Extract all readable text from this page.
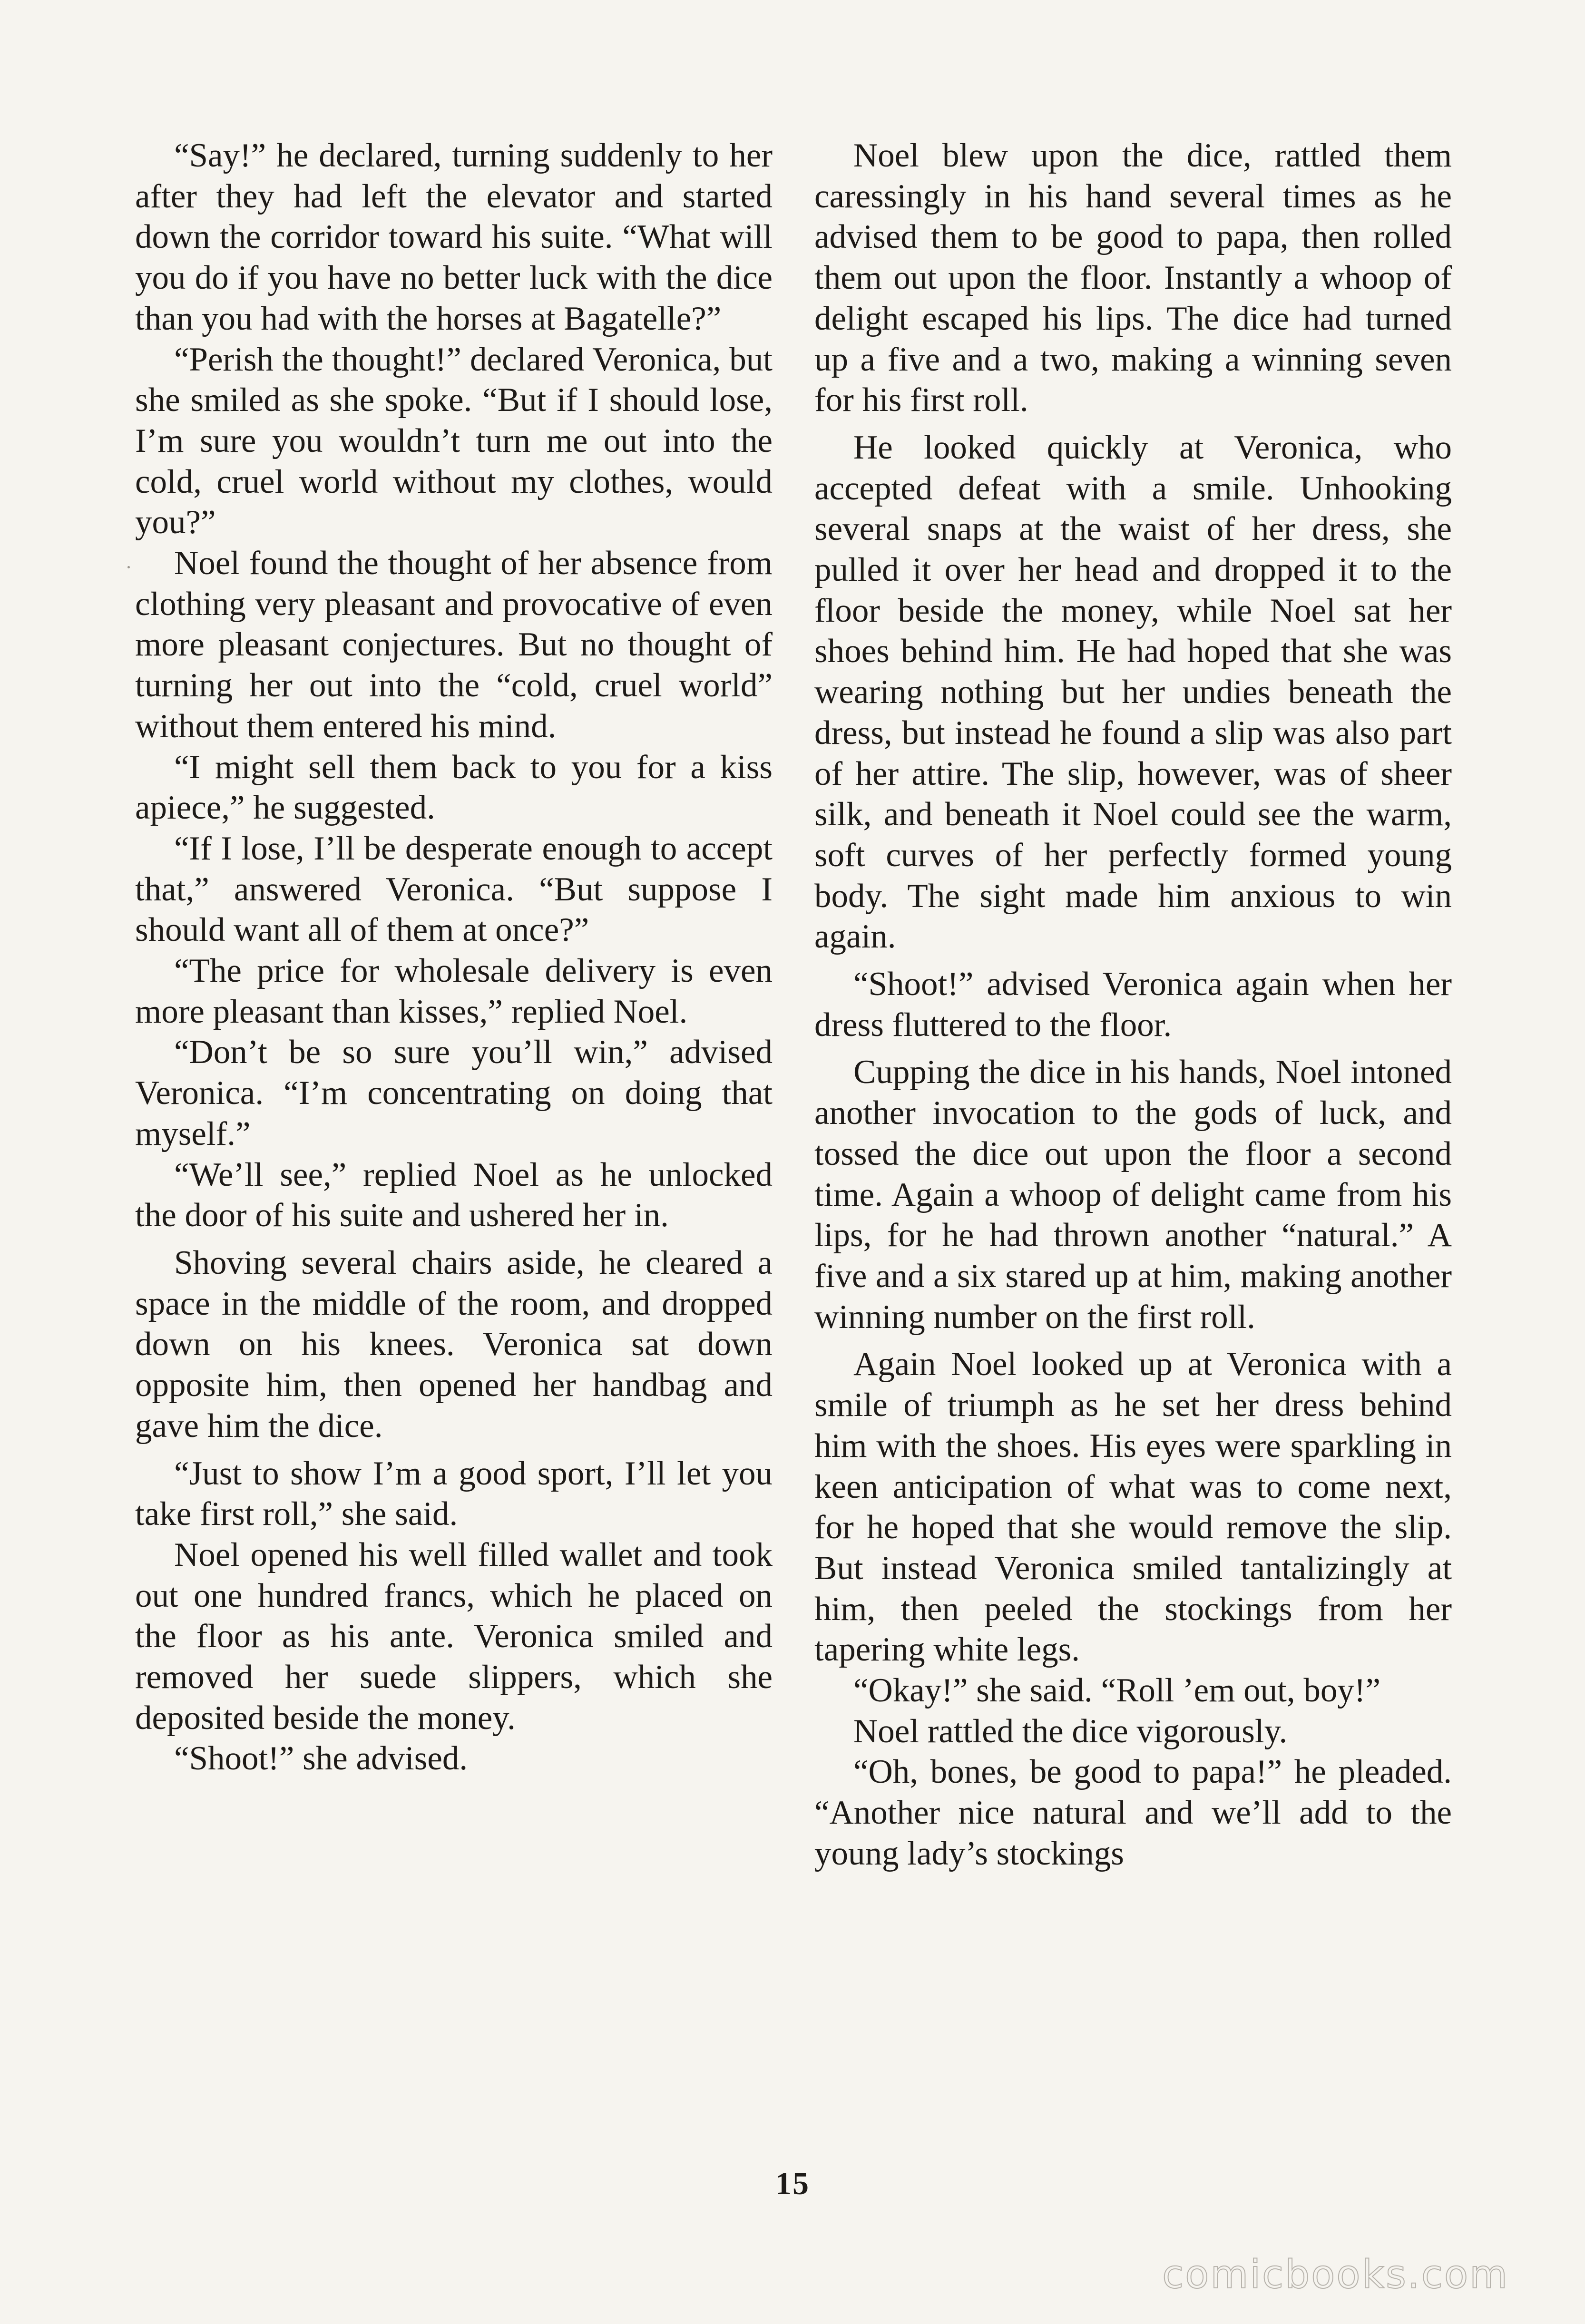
“Say!” he declared, turning suddenly to her after they had left the elevator and started down the corridor toward his suite. “What will you do if you have no better luck with the dice than you had with the horses at Bagatelle?”

“Perish the thought!” declared Veronica, but she smiled as she spoke. “But if I should lose, I’m sure you wouldn’t turn me out into the cold, cruel world without my clothes, would you?”

Noel found the thought of her absence from clothing very pleasant and provocative of even more pleasant conjectures. But no thought of turning her out into the “cold, cruel world” without them entered his mind.

“I might sell them back to you for a kiss apiece,” he suggested.

“If I lose, I’ll be desperate enough to accept that,” answered Veronica. “But suppose I should want all of them at once?”

“The price for wholesale delivery is even more pleasant than kisses,” replied Noel.

“Don’t be so sure you’ll win,” advised Veronica. “I’m concentrating on doing that myself.”

“We’ll see,” replied Noel as he unlocked the door of his suite and ushered her in.

Shoving several chairs aside, he cleared a space in the middle of the room, and dropped down on his knees. Veronica sat down opposite him, then opened her handbag and gave him the dice.

“Just to show I’m a good sport, I’ll let you take first roll,” she said.

Noel opened his well filled wallet and took out one hundred francs, which he placed on the floor as his ante. Veronica smiled and removed her suede slippers, which she deposited beside the money.

“Shoot!” she advised.

Noel blew upon the dice, rattled them caressingly in his hand several times as he advised them to be good to papa, then rolled them out upon the floor. Instantly a whoop of delight escaped his lips. The dice had turned up a five and a two, making a winning seven for his first roll.

He looked quickly at Veronica, who accepted defeat with a smile. Unhooking several snaps at the waist of her dress, she pulled it over her head and dropped it to the floor beside the money, while Noel sat her shoes behind him. He had hoped that she was wearing nothing but her undies beneath the dress, but instead he found a slip was also part of her attire. The slip, however, was of sheer silk, and beneath it Noel could see the warm, soft curves of her perfectly formed young body. The sight made him anxious to win again.

“Shoot!” advised Veronica again when her dress fluttered to the floor.

Cupping the dice in his hands, Noel intoned another invocation to the gods of luck, and tossed the dice out upon the floor a second time. Again a whoop of delight came from his lips, for he had thrown another “natural.” A five and a six stared up at him, making another winning number on the first roll.

Again Noel looked up at Veronica with a smile of triumph as he set her dress behind him with the shoes. His eyes were sparkling in keen anticipation of what was to come next, for he hoped that she would remove the slip. But instead Veronica smiled tantalizingly at him, then peeled the stockings from her tapering white legs.

“Okay!” she said. “Roll ’em out, boy!”

Noel rattled the dice vigorously.

“Oh, bones, be good to papa!” he pleaded. “Another nice natural and we’ll add to the young lady’s stockings

15
comicbooks.com
